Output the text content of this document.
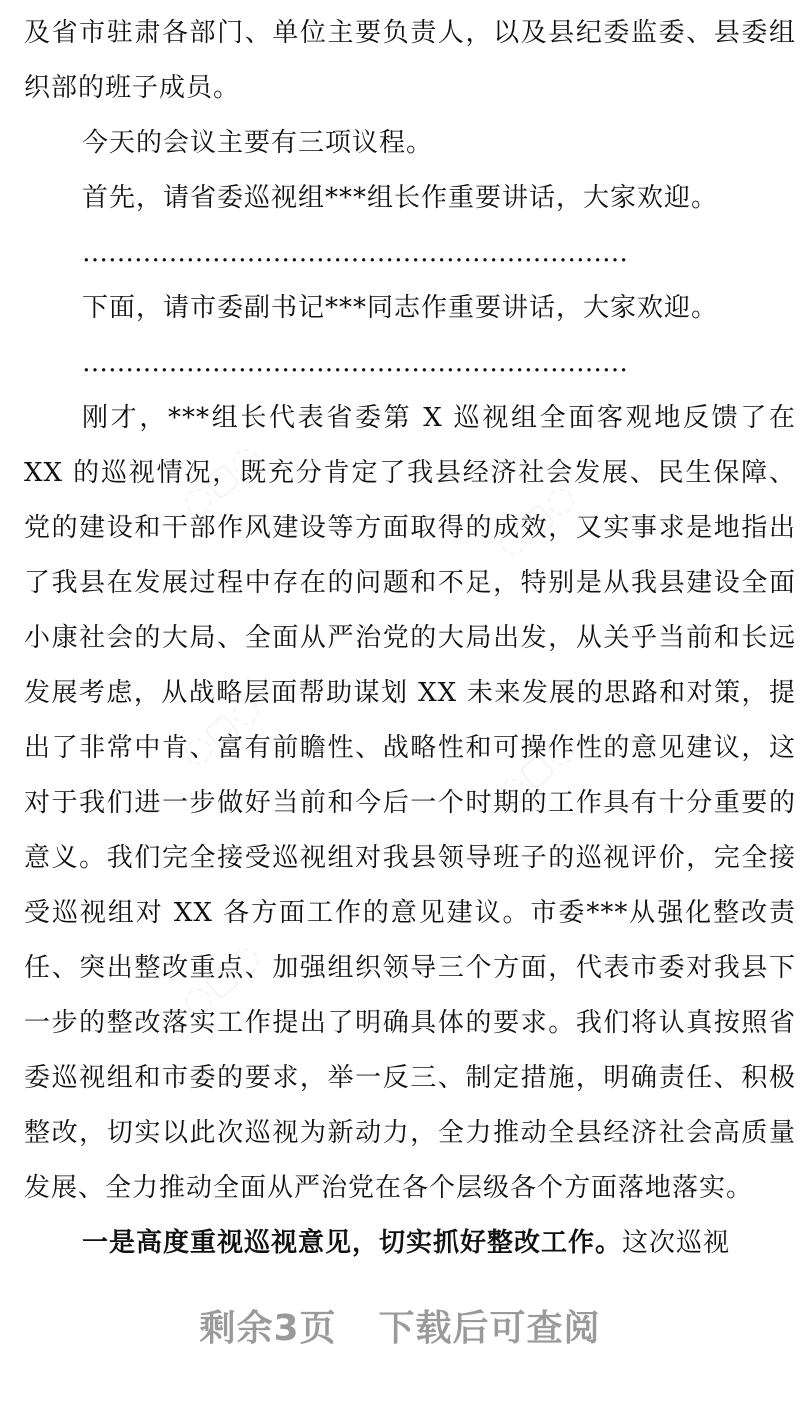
及省市驻肃各部门、单位主要负责人，以及县纪委监委、县委组织部的班子成员。

今天的会议主要有三项议程。

首先，请省委巡视组***组长作重要讲话，大家欢迎。

………………………………………………………

下面，请市委副书记***同志作重要讲话，大家欢迎。

………………………………………………………

刚才，***组长代表省委第 X 巡视组全面客观地反馈了在 XX 的巡视情况，既充分肯定了我县经济社会发展、民生保障、党的建设和干部作风建设等方面取得的成效，又实事求是地指出了我县在发展过程中存在的问题和不足，特别是从我县建设全面小康社会的大局、全面从严治党的大局出发，从关乎当前和长远发展考虑，从战略层面帮助谋划 XX 未来发展的思路和对策，提出了非常中肯、富有前瞻性、战略性和可操作性的意见建议，这对于我们进一步做好当前和今后一个时期的工作具有十分重要的意义。我们完全接受巡视组对我县领导班子的巡视评价，完全接受巡视组对 XX 各方面工作的意见建议。市委***从强化整改责任、突出整改重点、加强组织领导三个方面，代表市委对我县下一步的整改落实工作提出了明确具体的要求。我们将认真按照省委巡视组和市委的要求，举一反三、制定措施，明确责任、积极整改，切实以此次巡视为新动力，全力推动全县经济社会高质量发展、全力推动全面从严治党在各个层级各个方面落地落实。

一是高度重视巡视意见，切实抓好整改工作。这次巡视

剩余3页 下载后可查阅
